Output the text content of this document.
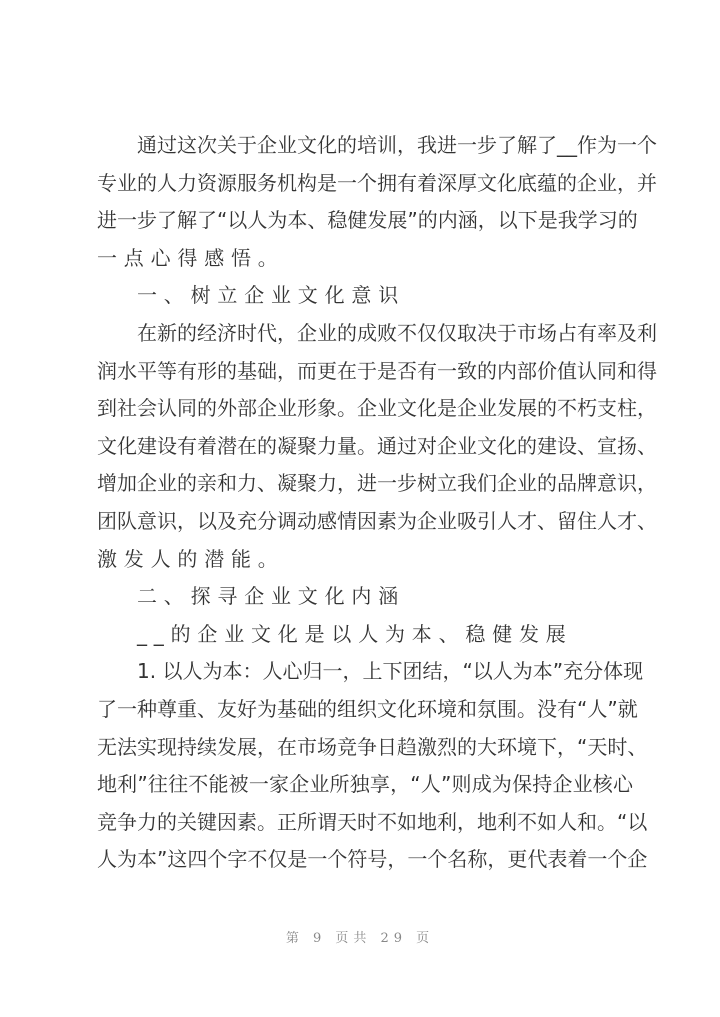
通过这次关于企业文化的培训，我进一步了解了__作为一个
专业的人力资源服务机构是一个拥有着深厚文化底蕴的企业，并
进一步了解了“以人为本、稳健发展”的内涵，以下是我学习的
一点心得感悟。
一、树立企业文化意识
在新的经济时代，企业的成败不仅仅取决于市场占有率及利
润水平等有形的基础，而更在于是否有一致的内部价值认同和得
到社会认同的外部企业形象。企业文化是企业发展的不朽支柱，
文化建设有着潜在的凝聚力量。通过对企业文化的建设、宣扬、
增加企业的亲和力、凝聚力，进一步树立我们企业的品牌意识，
团队意识，以及充分调动感情因素为企业吸引人才、留住人才、
激发人的潜能。
二、探寻企业文化内涵
__的企业文化是以人为本、稳健发展
1. 以人为本：人心归一，上下团结，“以人为本”充分体现
了一种尊重、友好为基础的组织文化环境和氛围。没有“人”就
无法实现持续发展，在市场竞争日趋激烈的大环境下，“天时、
地利”往往不能被一家企业所独享，“人”则成为保持企业核心
竞争力的关键因素。正所谓天时不如地利，地利不如人和。“以
人为本”这四个字不仅是一个符号，一个名称，更代表着一个企
第 9 页共 29 页
